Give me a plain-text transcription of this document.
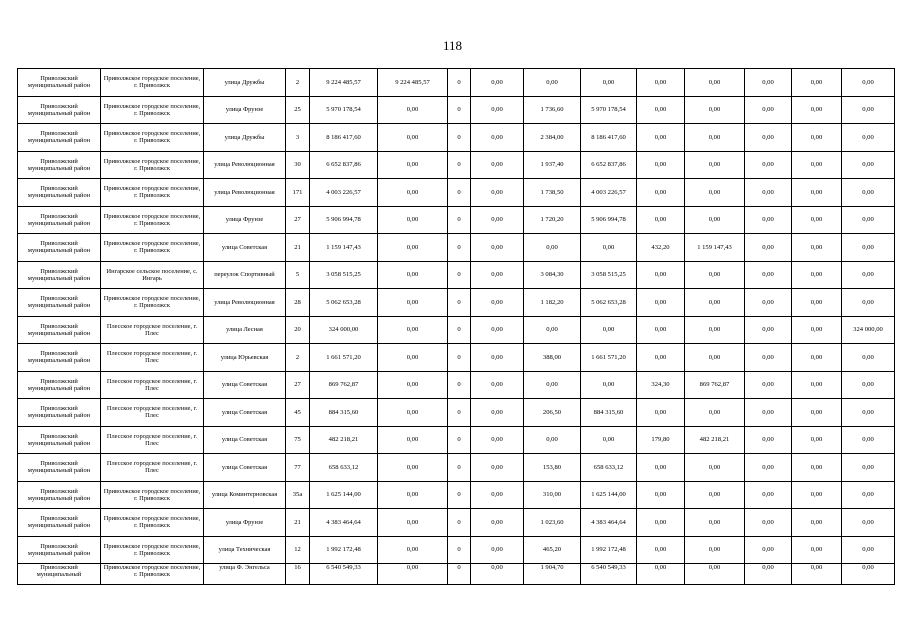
118
Приволжский муниципальный район	Приволжское городское поселение, г. Приволжск	улица Дружбы	2	9 224 485,57	9 224 485,57	0	0,00	0,00	0,00	0,00	0,00	0,00	0,00	0,00
Приволжский муниципальный район	Приволжское городское поселение, г. Приволжск	улица Фрунзе	25	5 970 178,54	0,00	0	0,00	1 736,60	5 970 178,54	0,00	0,00	0,00	0,00	0,00
Приволжский муниципальный район	Приволжское городское поселение, г. Приволжск	улица Дружбы	3	8 186 417,60	0,00	0	0,00	2 384,00	8 186 417,60	0,00	0,00	0,00	0,00	0,00
Приволжский муниципальный район	Приволжское городское поселение, г. Приволжск	улица Революционная	30	6 652 837,86	0,00	0	0,00	1 937,40	6 652 837,86	0,00	0,00	0,00	0,00	0,00
Приволжский муниципальный район	Приволжское городское поселение, г. Приволжск	улица Революционная	171	4 003 226,57	0,00	0	0,00	1 738,50	4 003 226,57	0,00	0,00	0,00	0,00	0,00
Приволжский муниципальный район	Приволжское городское поселение, г. Приволжск	улица Фрунзе	27	5 906 994,78	0,00	0	0,00	1 720,20	5 906 994,78	0,00	0,00	0,00	0,00	0,00
Приволжский муниципальный район	Приволжское городское поселение, г. Приволжск	улица Советская	21	1 159 147,43	0,00	0	0,00	0,00	0,00	432,20	1 159 147,43	0,00	0,00	0,00
Приволжский муниципальный район	Ингарское сельское поселение, с. Ингарь	переулок Спортивный	5	3 058 515,25	0,00	0	0,00	3 084,30	3 058 515,25	0,00	0,00	0,00	0,00	0,00
Приволжский муниципальный район	Приволжское городское поселение, г. Приволжск	улица Революционная	28	5 062 653,28	0,00	0	0,00	1 182,20	5 062 653,28	0,00	0,00	0,00	0,00	0,00
Приволжский муниципальный район	Плесское городское поселение, г. Плес	улица Лесная	20	324 000,00	0,00	0	0,00	0,00	0,00	0,00	0,00	0,00	0,00	324 000,00
Приволжский муниципальный район	Плесское городское поселение, г. Плес	улица Юрьевская	2	1 661 571,20	0,00	0	0,00	388,00	1 661 571,20	0,00	0,00	0,00	0,00	0,00
Приволжский муниципальный район	Плесское городское поселение, г. Плес	улица Советская	27	869 762,87	0,00	0	0,00	0,00	0,00	324,30	869 762,87	0,00	0,00	0,00
Приволжский муниципальный район	Плесское городское поселение, г. Плес	улица Советская	45	884 315,60	0,00	0	0,00	206,50	884 315,60	0,00	0,00	0,00	0,00	0,00
Приволжский муниципальный район	Плесское городское поселение, г. Плес	улица Советская	75	482 218,21	0,00	0	0,00	0,00	0,00	179,80	482 218,21	0,00	0,00	0,00
Приволжский муниципальный район	Плесское городское поселение, г. Плес	улица Советская	77	658 633,12	0,00	0	0,00	153,80	658 633,12	0,00	0,00	0,00	0,00	0,00
Приволжский муниципальный район	Приволжское городское поселение, г. Приволжск	улица Коминтерновская	35а	1 625 144,00	0,00	0	0,00	310,00	1 625 144,00	0,00	0,00	0,00	0,00	0,00
Приволжский муниципальный район	Приволжское городское поселение, г. Приволжск	улица Фрунзе	21	4 383 464,64	0,00	0	0,00	1 023,60	4 383 464,64	0,00	0,00	0,00	0,00	0,00
Приволжский муниципальный район	Приволжское городское поселение, г. Приволжск	улица Техническая	12	1 992 172,48	0,00	0	0,00	465,20	1 992 172,48	0,00	0,00	0,00	0,00	0,00
Приволжский муниципальный	Приволжское городское поселение, г. Приволжск	улица Ф. Энгельса	16	6 540 549,33	0,00	0	0,00	1 904,70	6 540 549,33	0,00	0,00	0,00	0,00	0,00
